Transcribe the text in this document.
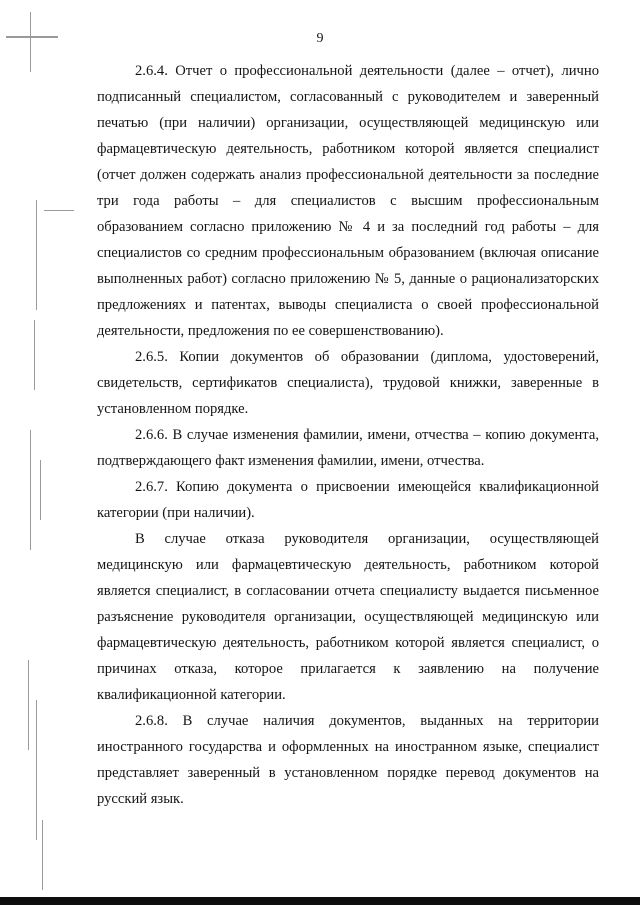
9

2.6.4. Отчет о профессиональной деятельности (далее – отчет), лично подписанный специалистом, согласованный с руководителем и заверенный печатью (при наличии) организации, осуществляющей медицинскую или фармацевтическую деятельность, работником которой является специалист (отчет должен содержать анализ профессиональной деятельности за последние три года работы – для специалистов с высшим профессиональным образованием согласно приложению № 4 и за последний год работы – для специалистов со средним профессиональным образованием (включая описание выполненных работ) согласно приложению № 5, данные о рационализаторских предложениях и патентах, выводы специалиста о своей профессиональной деятельности, предложения по ее совершенствованию).

2.6.5. Копии документов об образовании (диплома, удостоверений, свидетельств, сертификатов специалиста), трудовой книжки, заверенные в установленном порядке.

2.6.6. В случае изменения фамилии, имени, отчества – копию документа, подтверждающего факт изменения фамилии, имени, отчества.

2.6.7. Копию документа о присвоении имеющейся квалификационной категории (при наличии).

В случае отказа руководителя организации, осуществляющей медицинскую или фармацевтическую деятельность, работником которой является специалист, в согласовании отчета специалисту выдается письменное разъяснение руководителя организации, осуществляющей медицинскую или фармацевтическую деятельность, работником которой является специалист, о причинах отказа, которое прилагается к заявлению на получение квалификационной категории.

2.6.8. В случае наличия документов, выданных на территории иностранного государства и оформленных на иностранном языке, специалист представляет заверенный в установленном порядке перевод документов на русский язык.
